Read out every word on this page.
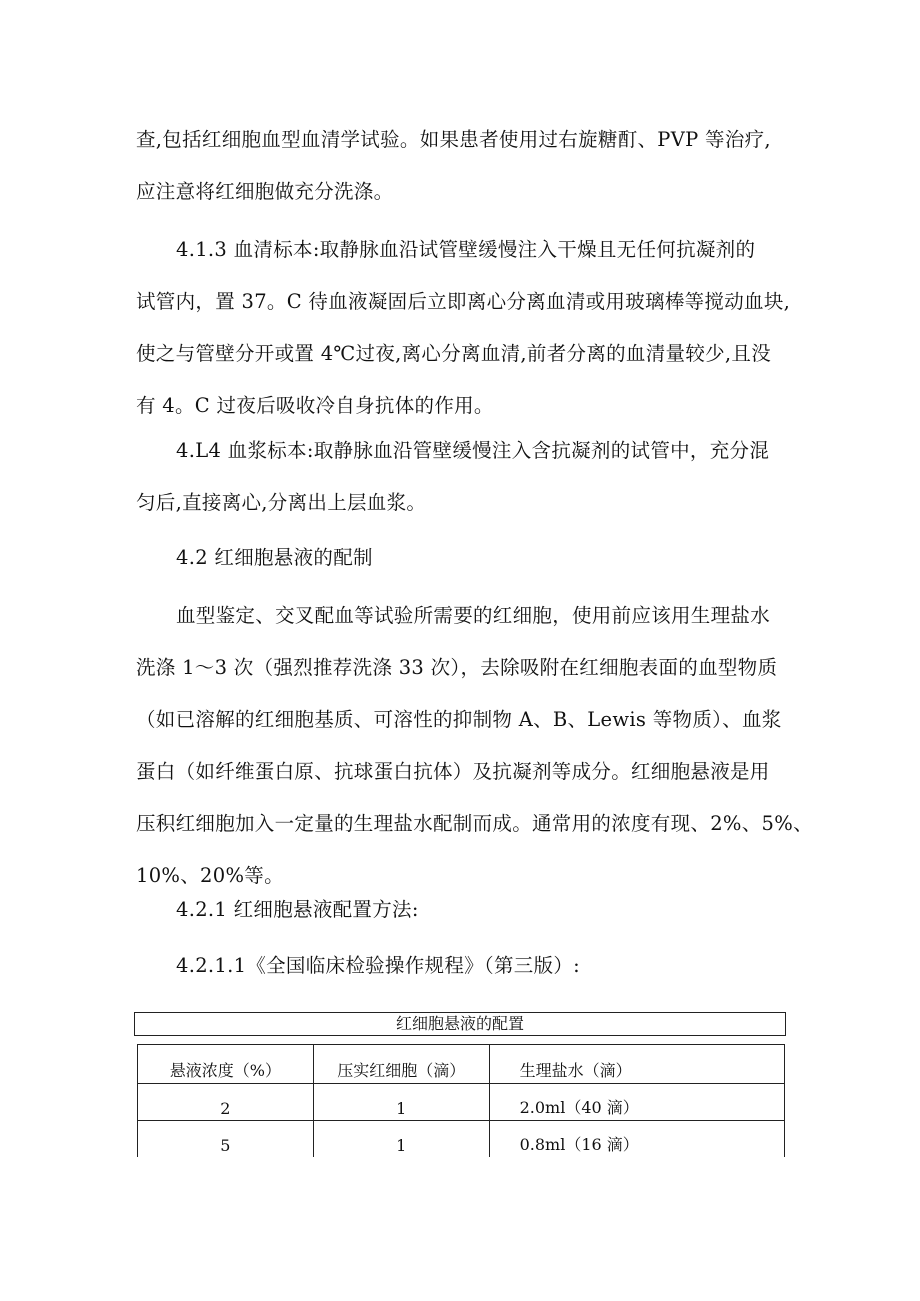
查,包括红细胞血型血清学试验。如果患者使用过右旋糖酊、PVP 等治疗,
应注意将红细胞做充分洗涤。

4.1.3 血清标本:取静脉血沿试管壁缓慢注入干燥且无任何抗凝剂的
试管内，置 37。C 待血液凝固后立即离心分离血清或用玻璃棒等搅动血块,
使之与管壁分开或置 4℃过夜,离心分离血清,前者分离的血清量较少,且没
有 4。C 过夜后吸收冷自身抗体的作用。

4.L4 血浆标本:取静脉血沿管壁缓慢注入含抗凝剂的试管中，充分混
匀后,直接离心,分离出上层血浆。

4.2 红细胞悬液的配制

血型鉴定、交叉配血等试验所需要的红细胞，使用前应该用生理盐水
洗涤 1～3 次（强烈推荐洗涤 33 次），去除吸附在红细胞表面的血型物质
（如已溶解的红细胞基质、可溶性的抑制物 A、B、Lewis 等物质）、血浆
蛋白（如纤维蛋白原、抗球蛋白抗体）及抗凝剂等成分。红细胞悬液是用
压积红细胞加入一定量的生理盐水配制而成。通常用的浓度有现、2%、5%、
10%、20%等。

4.2.1 红细胞悬液配置方法:

4.2.1.1《全国临床检验操作规程》（第三版）:

红细胞悬液的配置
悬液浓度（%）	压实红细胞（滴）	生理盐水（滴）
2	1	2.0ml（40 滴）
5	1	0.8ml（16 滴）
